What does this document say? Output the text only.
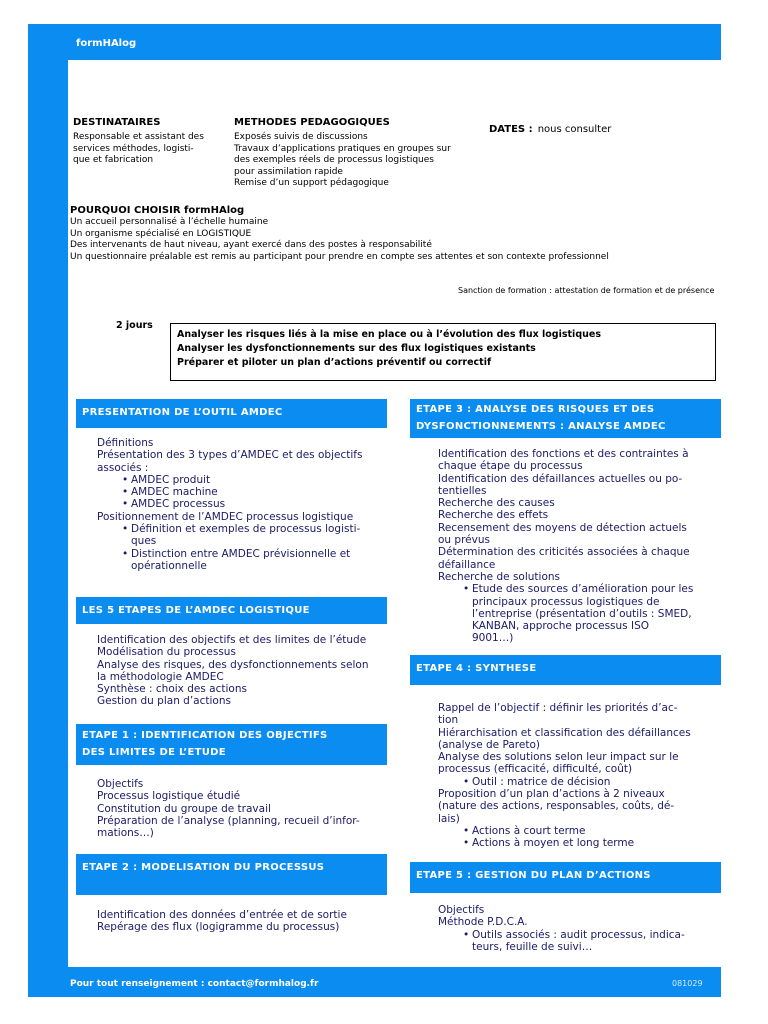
formHAlog
DESTINATAIRES
Responsable et assistant des
services méthodes, logisti-
que et fabrication
METHODES PEDAGOGIQUES
Exposés suivis de discussions
Travaux d’applications pratiques en groupes sur
des exemples réels de processus logistiques
pour assimilation rapide
Remise d’un support pédagogique
DATES : nous consulter
POURQUOI CHOISIR formHAlog
Un accueil personnalisé à l’échelle humaine
Un organisme spécialisé en LOGISTIQUE
Des intervenants de haut niveau, ayant exercé dans des postes à responsabilité
Un questionnaire préalable est remis au participant pour prendre en compte ses attentes et son contexte professionnel
Sanction de formation : attestation de formation et de présence
2 jours
Analyser les risques liés à la mise en place ou à l’évolution des flux logistiques
Analyser les dysfonctionnements sur des flux logistiques existants
Préparer et piloter un plan d’actions préventif ou correctif
PRESENTATION DE L’OUTIL AMDEC
Définitions
Présentation des 3 types d’AMDEC et des objectifs
associés :
• AMDEC produit
• AMDEC machine
• AMDEC processus
Positionnement de l’AMDEC processus logistique
• Définition et exemples de processus logisti-
ques
• Distinction entre AMDEC prévisionnelle et
opérationnelle
LES 5 ETAPES DE L’AMDEC LOGISTIQUE
Identification des objectifs et des limites de l’étude
Modélisation du processus
Analyse des risques, des dysfonctionnements selon
la méthodologie AMDEC
Synthèse : choix des actions
Gestion du plan d’actions
ETAPE 1 : IDENTIFICATION DES OBJECTIFS
DES LIMITES DE L’ETUDE
Objectifs
Processus logistique étudié
Constitution du groupe de travail
Préparation de l’analyse (planning, recueil d’infor-
mations…)
ETAPE 2 : MODELISATION DU PROCESSUS
Identification des données d’entrée et de sortie
Repérage des flux (logigramme du processus)
ETAPE 3 : ANALYSE DES RISQUES ET DES
DYSFONCTIONNEMENTS : ANALYSE AMDEC
Identification des fonctions et des contraintes à
chaque étape du processus
Identification des défaillances actuelles ou po-
tentielles
Recherche des causes
Recherche des effets
Recensement des moyens de détection actuels
ou prévus
Détermination des criticités associées à chaque
défaillance
Recherche de solutions
• Etude des sources d’amélioration pour les
principaux processus logistiques de
l’entreprise (présentation d’outils : SMED,
KANBAN, approche processus ISO
9001…)
ETAPE 4 : SYNTHESE
Rappel de l’objectif : définir les priorités d’ac-
tion
Hiérarchisation et classification des défaillances
(analyse de Pareto)
Analyse des solutions selon leur impact sur le
processus (efficacité, difficulté, coût)
• Outil : matrice de décision
Proposition d’un plan d’actions à 2 niveaux
(nature des actions, responsables, coûts, dé-
lais)
• Actions à court terme
• Actions à moyen et long terme
ETAPE 5 : GESTION DU PLAN D’ACTIONS
Objectifs
Méthode P.D.C.A.
• Outils associés : audit processus, indica-
teurs, feuille de suivi…
Pour tout renseignement : contact@formhalog.fr	081029
